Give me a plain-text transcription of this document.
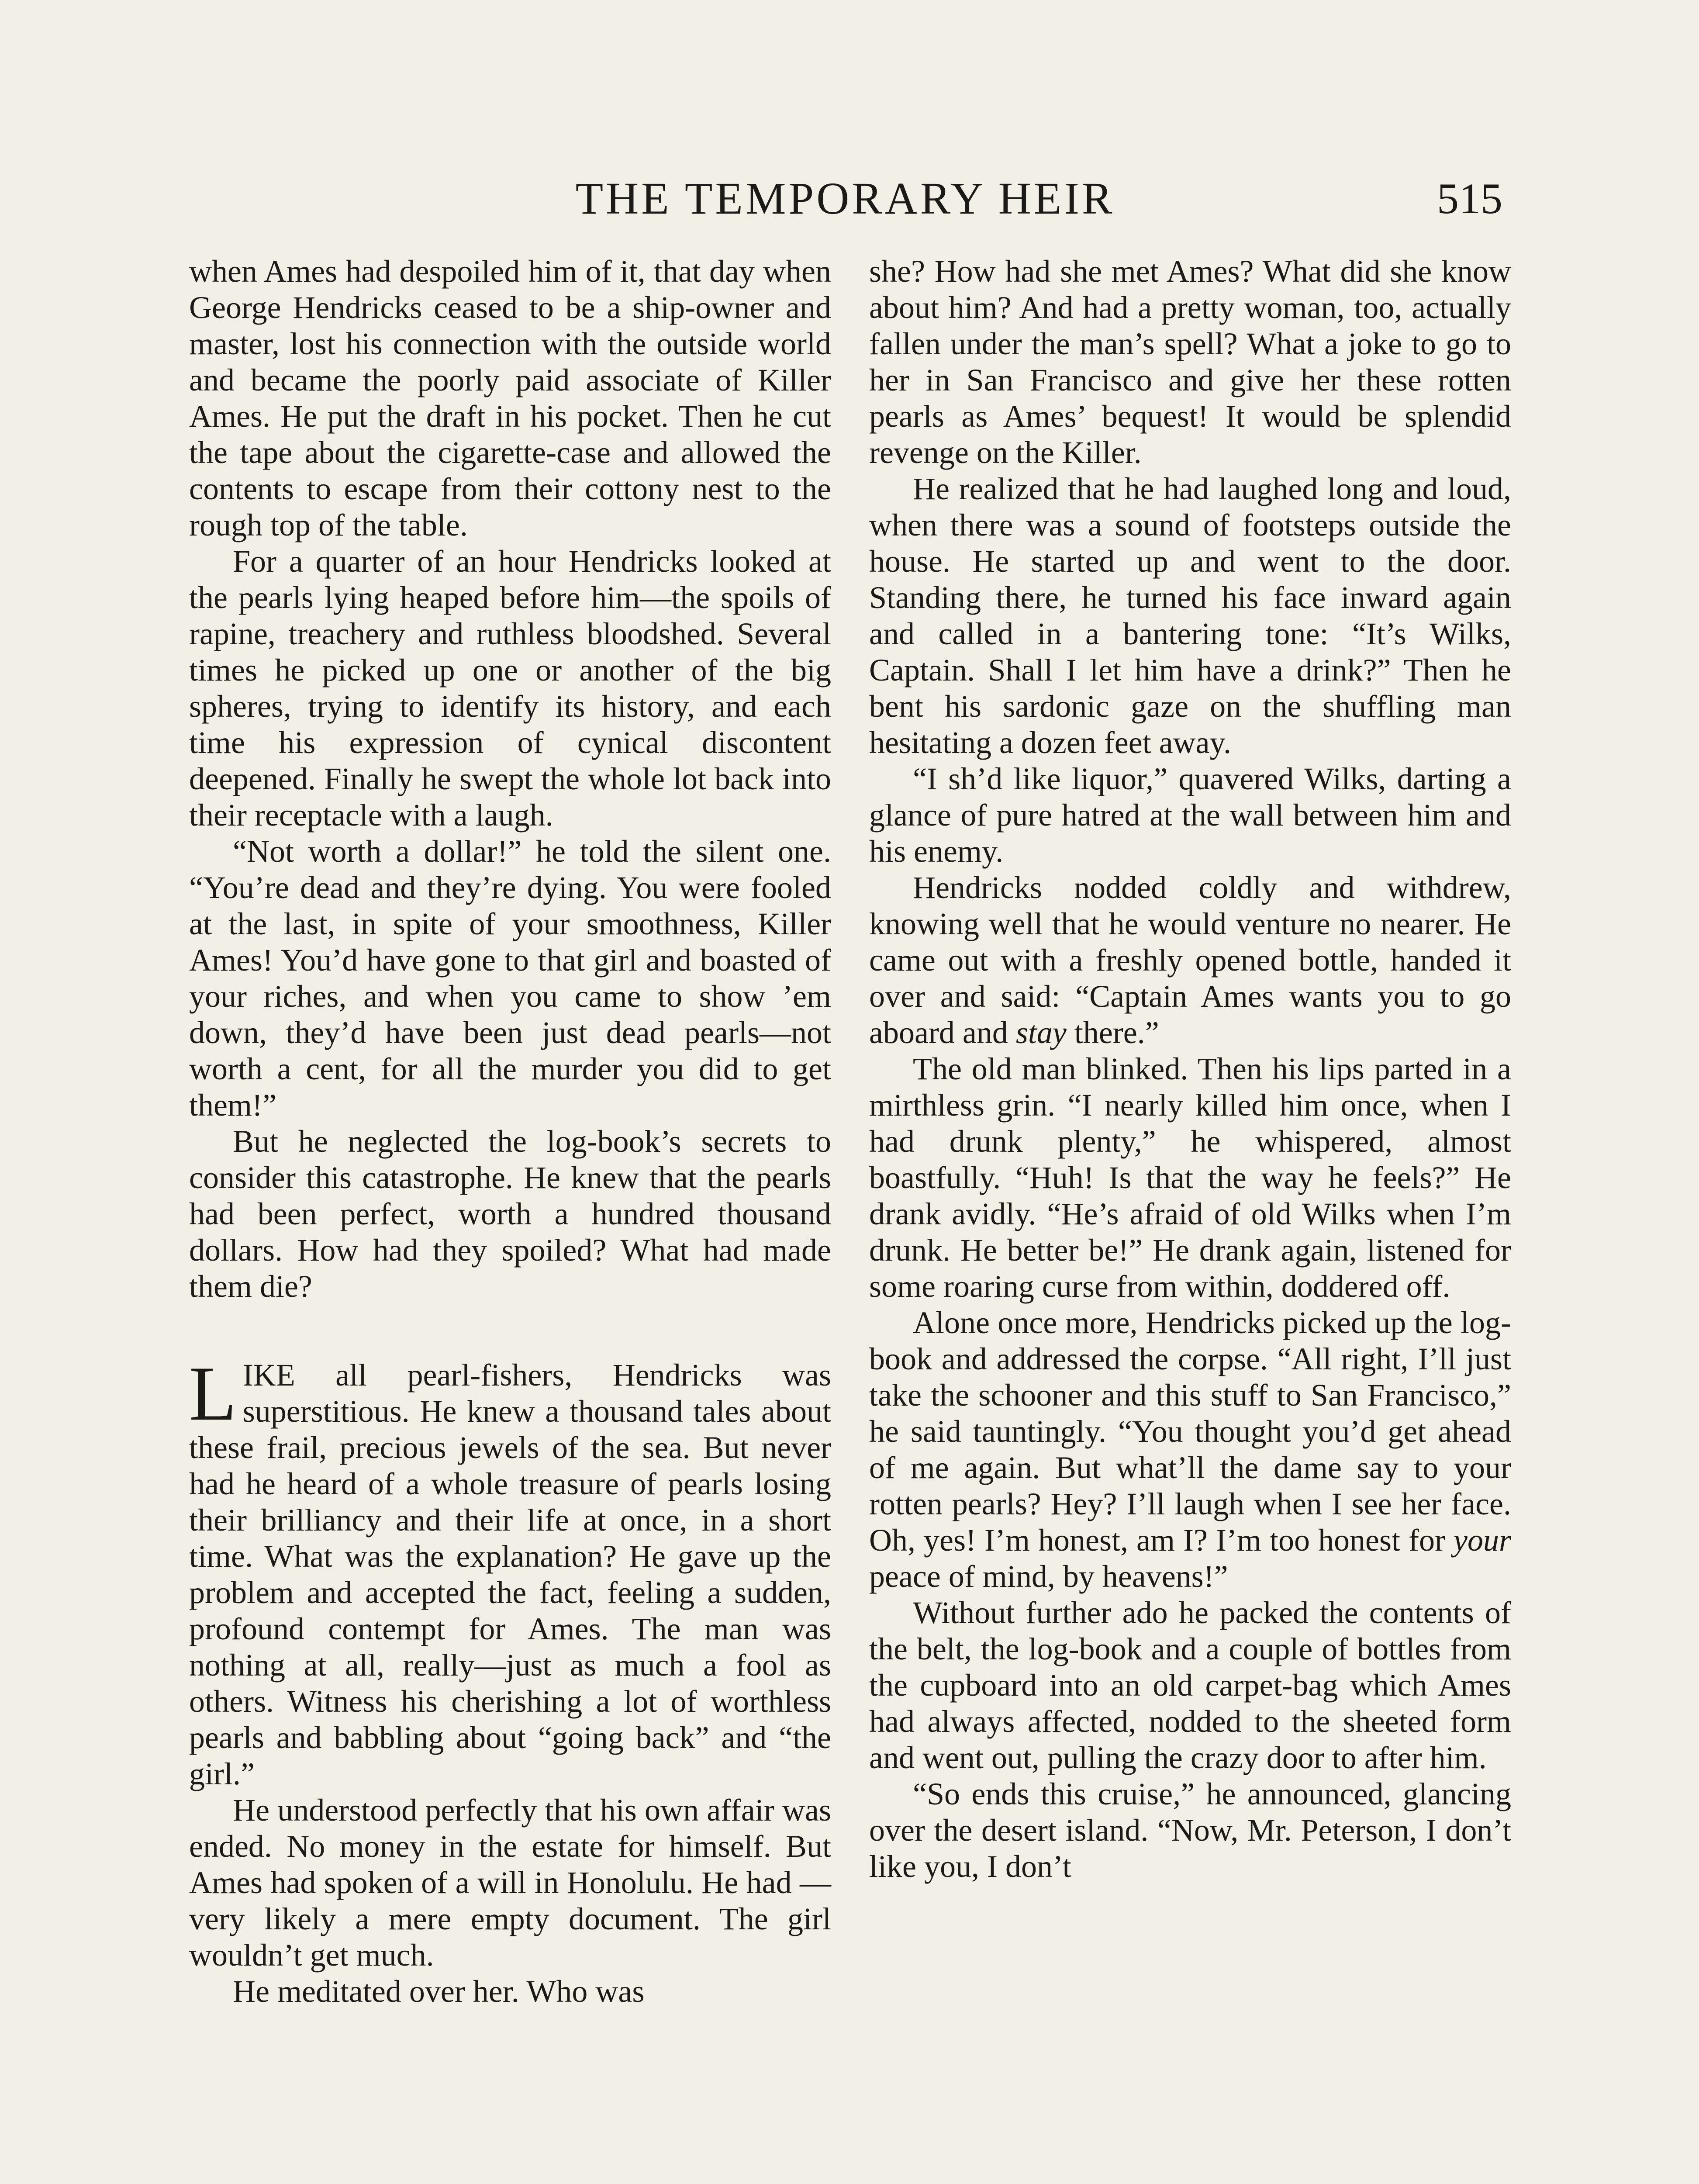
THE TEMPORARY HEIR	515

when Ames had despoiled him of it, that day when George Hendricks ceased to be a ship-owner and master, lost his connection with the outside world and became the poorly paid associate of Killer Ames. He put the draft in his pocket. Then he cut the tape about the cigarette-case and allowed the contents to escape from their cottony nest to the rough top of the table.

For a quarter of an hour Hendricks looked at the pearls lying heaped before him—the spoils of rapine, treachery and ruthless bloodshed. Several times he picked up one or another of the big spheres, trying to identify its history, and each time his expression of cynical discontent deepened. Finally he swept the whole lot back into their receptacle with a laugh.

“Not worth a dollar!” he told the silent one. “You’re dead and they’re dying. You were fooled at the last, in spite of your smoothness, Killer Ames! You’d have gone to that girl and boasted of your riches, and when you came to show ’em down, they’d have been just dead pearls—not worth a cent, for all the murder you did to get them!”

But he neglected the log-book’s secrets to consider this catastrophe. He knew that the pearls had been perfect, worth a hundred thousand dollars. How had they spoiled? What had made them die?

LIKE all pearl-fishers, Hendricks was superstitious. He knew a thousand tales about these frail, precious jewels of the sea. But never had he heard of a whole treasure of pearls losing their brilliancy and their life at once, in a short time. What was the explanation? He gave up the problem and accepted the fact, feeling a sudden, profound contempt for Ames. The man was nothing at all, really—just as much a fool as others. Witness his cherishing a lot of worthless pearls and babbling about “going back” and “the girl.”

He understood perfectly that his own affair was ended. No money in the estate for himself. But Ames had spoken of a will in Honolulu. He had —very likely a mere empty document. The girl wouldn’t get much.

He meditated over her. Who was

she? How had she met Ames? What did she know about him? And had a pretty woman, too, actually fallen under the man’s spell? What a joke to go to her in San Francisco and give her these rotten pearls as Ames’ bequest! It would be splendid revenge on the Killer.

He realized that he had laughed long and loud, when there was a sound of footsteps outside the house. He started up and went to the door. Standing there, he turned his face inward again and called in a bantering tone: “It’s Wilks, Captain. Shall I let him have a drink?” Then he bent his sardonic gaze on the shuffling man hesitating a dozen feet away.

“I sh’d like liquor,” quavered Wilks, darting a glance of pure hatred at the wall between him and his enemy.

Hendricks nodded coldly and withdrew, knowing well that he would venture no nearer. He came out with a freshly opened bottle, handed it over and said: “Captain Ames wants you to go aboard and stay there.”

The old man blinked. Then his lips parted in a mirthless grin. “I nearly killed him once, when I had drunk plenty,” he whispered, almost boastfully. “Huh! Is that the way he feels?” He drank avidly. “He’s afraid of old Wilks when I’m drunk. He better be!” He drank again, listened for some roaring curse from within, doddered off.

Alone once more, Hendricks picked up the log-book and addressed the corpse. “All right, I’ll just take the schooner and this stuff to San Francisco,” he said tauntingly. “You thought you’d get ahead of me again. But what’ll the dame say to your rotten pearls? Hey? I’ll laugh when I see her face. Oh, yes! I’m honest, am I? I’m too honest for your peace of mind, by heavens!”

Without further ado he packed the contents of the belt, the log-book and a couple of bottles from the cupboard into an old carpet-bag which Ames had always affected, nodded to the sheeted form and went out, pulling the crazy door to after him.

“So ends this cruise,” he announced, glancing over the desert island. “Now, Mr. Peterson, I don’t like you, I don’t
